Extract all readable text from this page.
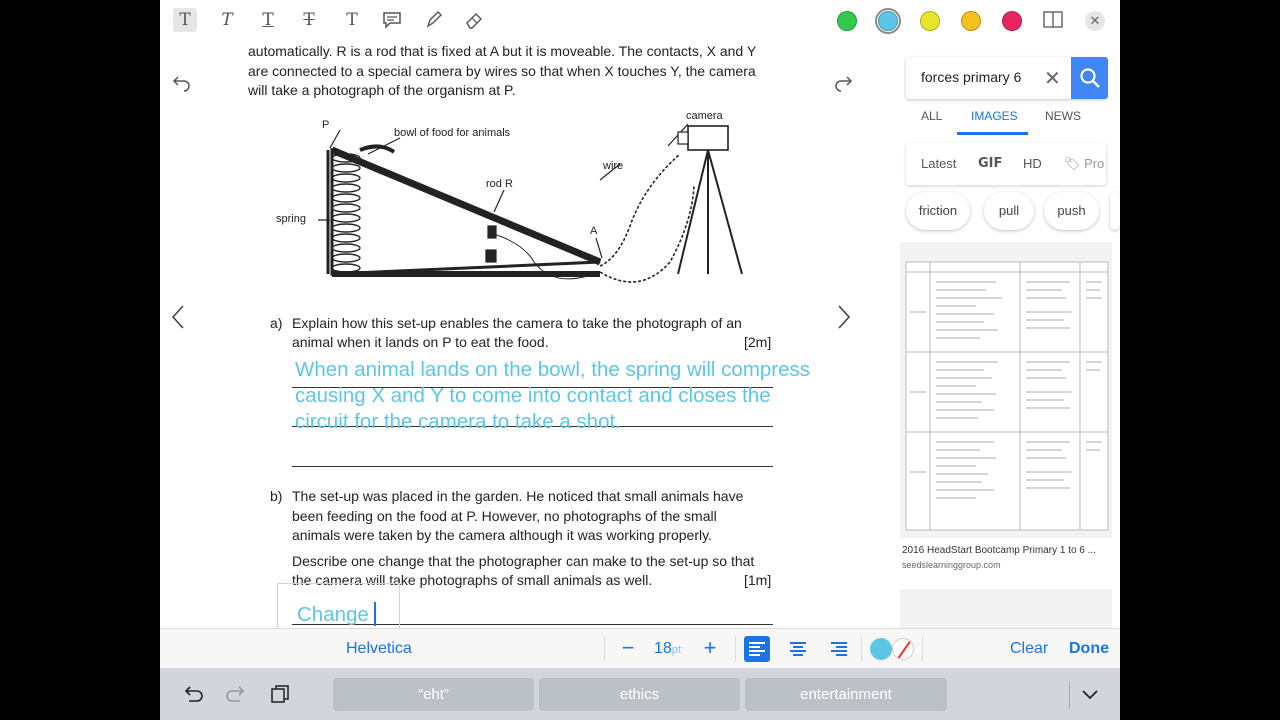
T	T	T	T	T	✕
automatically. R is a rod that is fixed at A but it is moveable. The contacts, X and Y
are connected to a special camera by wires so that when X touches Y, the camera
will take a photograph of the organism at P.
P
bowl of food for animals
camera
wire
rod R
spring
A
a) Explain how this set-up enables the camera to take the photograph of an
animal when it lands on P to eat the food.	[2m]
When animal lands on the bowl, the spring will compress
causing X and Y to come into contact and closes the
circuit for the camera to take a shot.
b) The set-up was placed in the garden. He noticed that small animals have
been feeding on the food at P. However, no photographs of the small
animals were taken by the camera although it was working properly.
Describe one change that the photographer can make to the set-up so that
the camera will take photographs of small animals as well.	[1m]
Change
forces primary 6 ✕
ALL IMAGES NEWS
Latest GIF HD 🏷 Pro
friction	pull	push
2016 HeadStart Bootcamp Primary 1 to 6 ...
seedslearninggroup.com
Helvetica	−	18pt +	Clear Done
“eht”	ethics	entertainment
